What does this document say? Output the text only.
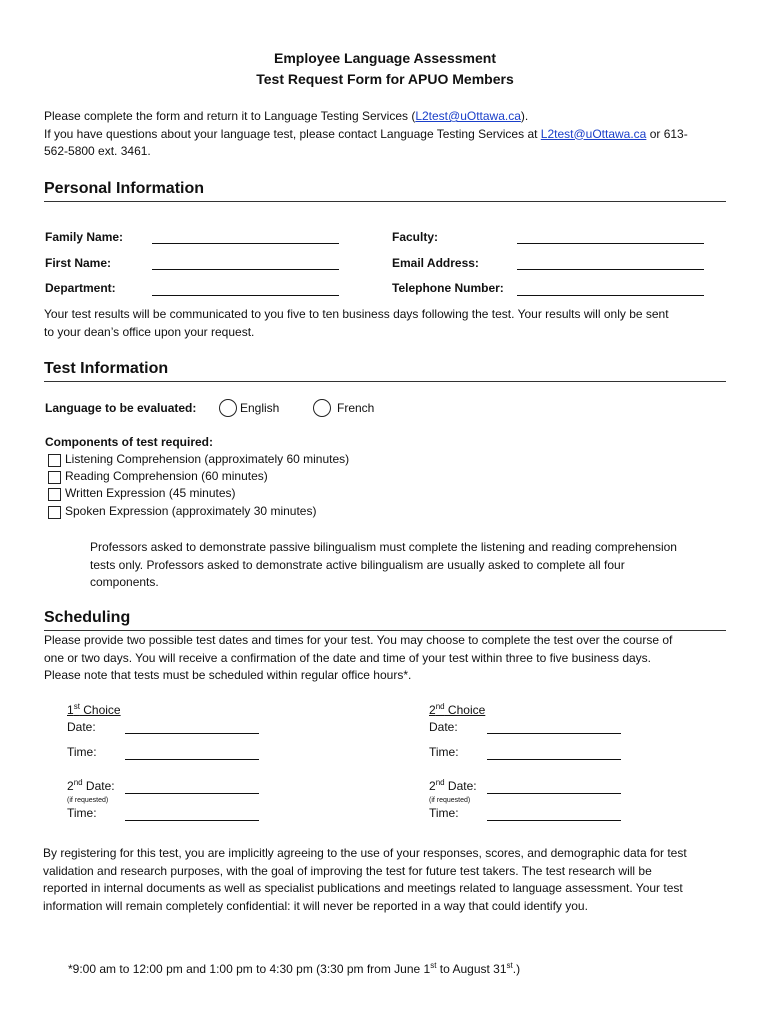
Employee Language Assessment
Test Request Form for APUO Members
Please complete the form and return it to Language Testing Services (L2test@uOttawa.ca).
If you have questions about your language test, please contact Language Testing Services at L2test@uOttawa.ca or 613-
562-5800 ext. 3461.
Personal Information
Family Name:	Faculty:
First Name:	Email Address:
Department:	Telephone Number:
Your test results will be communicated to you five to ten business days following the test. Your results will only be sent
to your dean’s office upon your request.
Test Information
Language to be evaluated:	English	French
Components of test required:
Listening Comprehension (approximately 60 minutes)
Reading Comprehension (60 minutes)
Written Expression (45 minutes)
Spoken Expression (approximately 30 minutes)
Professors asked to demonstrate passive bilingualism must complete the listening and reading comprehension
tests only. Professors asked to demonstrate active bilingualism are usually asked to complete all four
components.
Scheduling
Please provide two possible test dates and times for your test. You may choose to complete the test over the course of
one or two days. You will receive a confirmation of the date and time of your test within three to five business days.
Please note that tests must be scheduled within regular office hours*.
1st Choice
Date:
Time:
2nd Date:
(if requested)
Time:
2nd Choice
Date:
Time:
2nd Date:
(if requested)
Time:
By registering for this test, you are implicitly agreeing to the use of your responses, scores, and demographic data for test
validation and research purposes, with the goal of improving the test for future test takers. The test research will be
reported in internal documents as well as specialist publications and meetings related to language assessment. Your test
information will remain completely confidential: it will never be reported in a way that could identify you.
*9:00 am to 12:00 pm and 1:00 pm to 4:30 pm (3:30 pm from June 1st to August 31st.)
